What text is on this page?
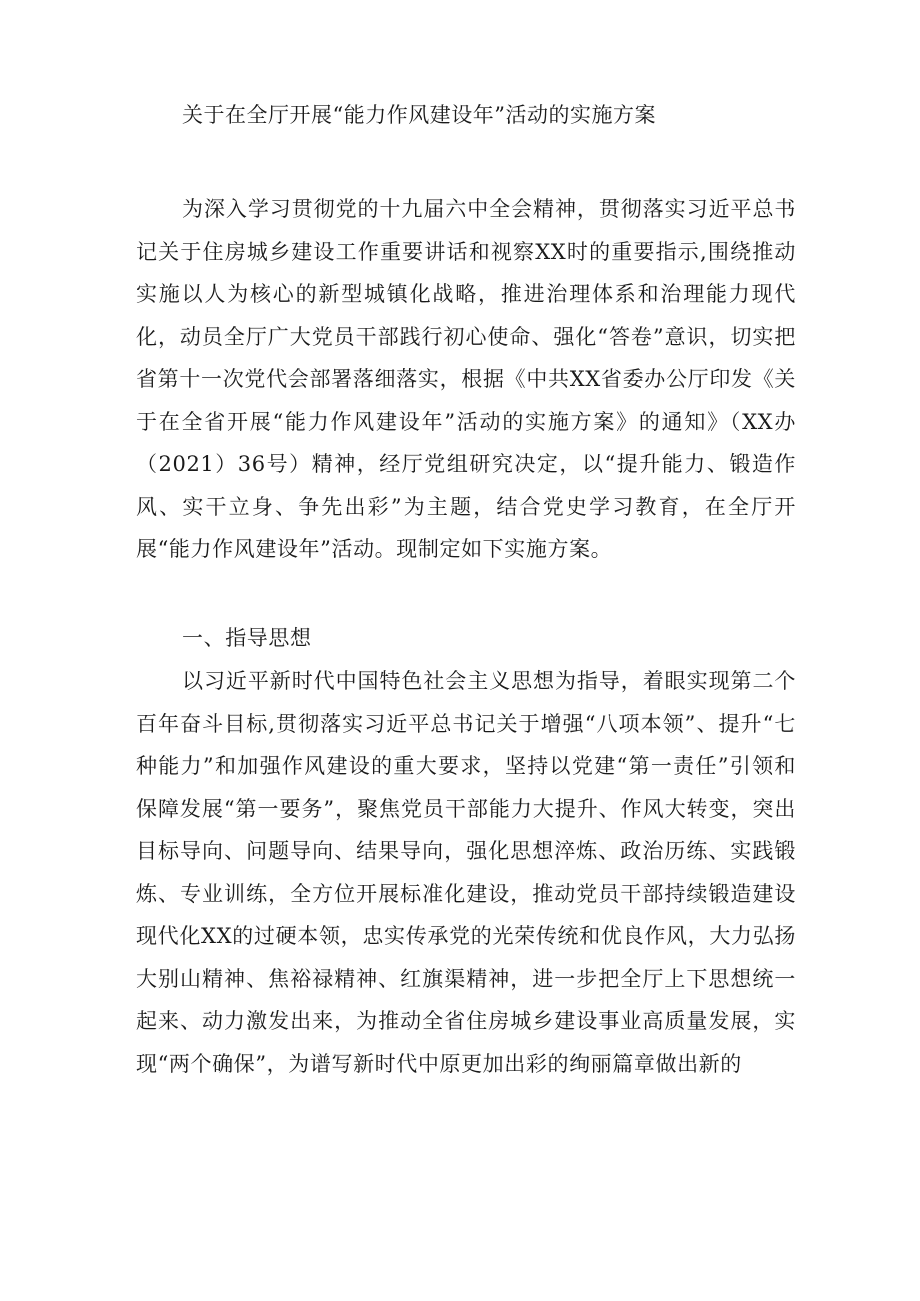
关于在全厅开展“能力作风建设年”活动的实施方案
为深入学习贯彻党的十九届六中全会精神，贯彻落实习近平总书记关于住房城乡建设工作重要讲话和视察XX时的重要指示,围绕推动实施以人为核心的新型城镇化战略，推进治理体系和治理能力现代化，动员全厅广大党员干部践行初心使命、强化“答卷”意识，切实把省第十一次党代会部署落细落实，根据《中共XX省委办公厅印发《关于在全省开展“能力作风建设年”活动的实施方案》的通知》（XX办（2021）36号）精神，经厅党组研究决定，以“提升能力、锻造作风、实干立身、争先出彩”为主题，结合党史学习教育，在全厅开展“能力作风建设年”活动。现制定如下实施方案。
一、指导思想
以习近平新时代中国特色社会主义思想为指导，着眼实现第二个百年奋斗目标,贯彻落实习近平总书记关于增强“八项本领”、提升“七种能力”和加强作风建设的重大要求，坚持以党建“第一责任”引领和保障发展“第一要务”，聚焦党员干部能力大提升、作风大转变，突出目标导向、问题导向、结果导向，强化思想淬炼、政治历练、实践锻炼、专业训练，全方位开展标准化建设，推动党员干部持续锻造建设现代化XX的过硬本领，忠实传承党的光荣传统和优良作风，大力弘扬大别山精神、焦裕禄精神、红旗渠精神，进一步把全厅上下思想统一起来、动力激发出来，为推动全省住房城乡建设事业高质量发展，实现“两个确保”，为谱写新时代中原更加出彩的绚丽篇章做出新的
